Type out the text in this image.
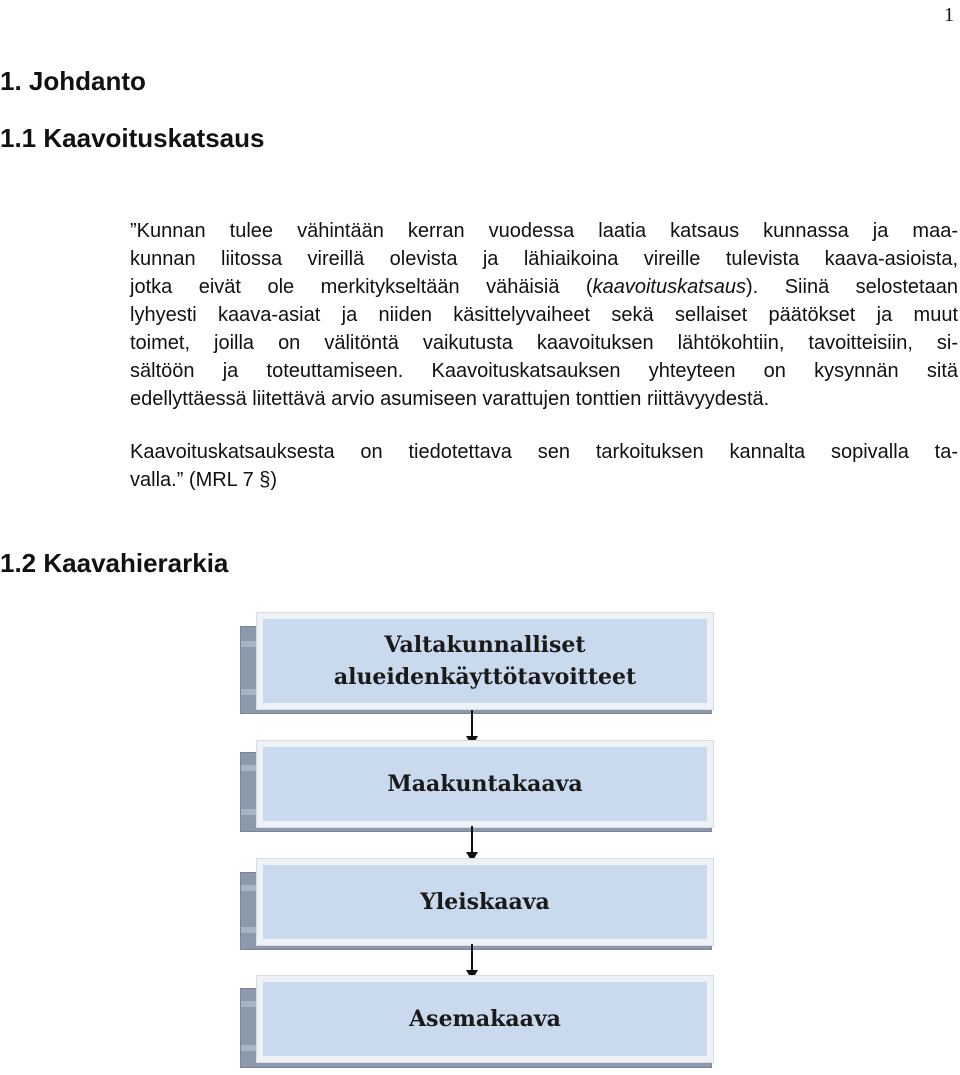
1
1. Johdanto
1.1 Kaavoituskatsaus
”Kunnan tulee vähintään kerran vuodessa laatia katsaus kunnassa ja maa-
kunnan liitossa vireillä olevista ja lähiaikoina vireille tulevista kaava-asioista,
jotka eivät ole merkitykseltään vähäisiä (kaavoituskatsaus). Siinä selostetaan
lyhyesti kaava-asiat ja niiden käsittelyvaiheet sekä sellaiset päätökset ja muut
toimet, joilla on välitöntä vaikutusta kaavoituksen lähtökohtiin, tavoitteisiin, si-
sältöön ja toteuttamiseen. Kaavoituskatsauksen yhteyteen on kysynnän sitä
edellyttäessä liitettävä arvio asumiseen varattujen tonttien riittävyydestä.
Kaavoituskatsauksesta on tiedotettava sen tarkoituksen kannalta sopivalla ta-
valla.” (MRL 7 §)
1.2 Kaavahierarkia
Valtakunnalliset alueidenkäyttötavoitteet
Maakuntakaava
Yleiskaava
Asemakaava
